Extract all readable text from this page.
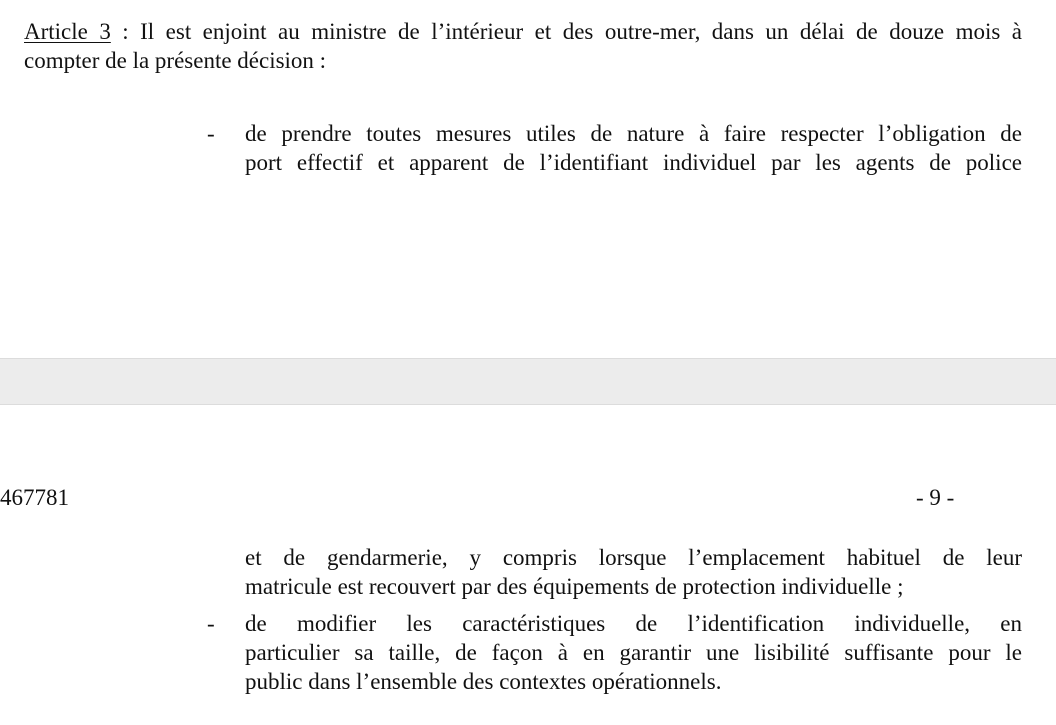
Article 3 : Il est enjoint au ministre de l’intérieur et des outre-mer, dans un délai de douze mois à
compter de la présente décision :
- de prendre toutes mesures utiles de nature à faire respecter l’obligation de
port effectif et apparent de l’identifiant individuel par les agents de police
467781	- 9 -
et de gendarmerie, y compris lorsque l’emplacement habituel de leur
matricule est recouvert par des équipements de protection individuelle ;
- de modifier les caractéristiques de l’identification individuelle, en
particulier sa taille, de façon à en garantir une lisibilité suffisante pour le
public dans l’ensemble des contextes opérationnels.
